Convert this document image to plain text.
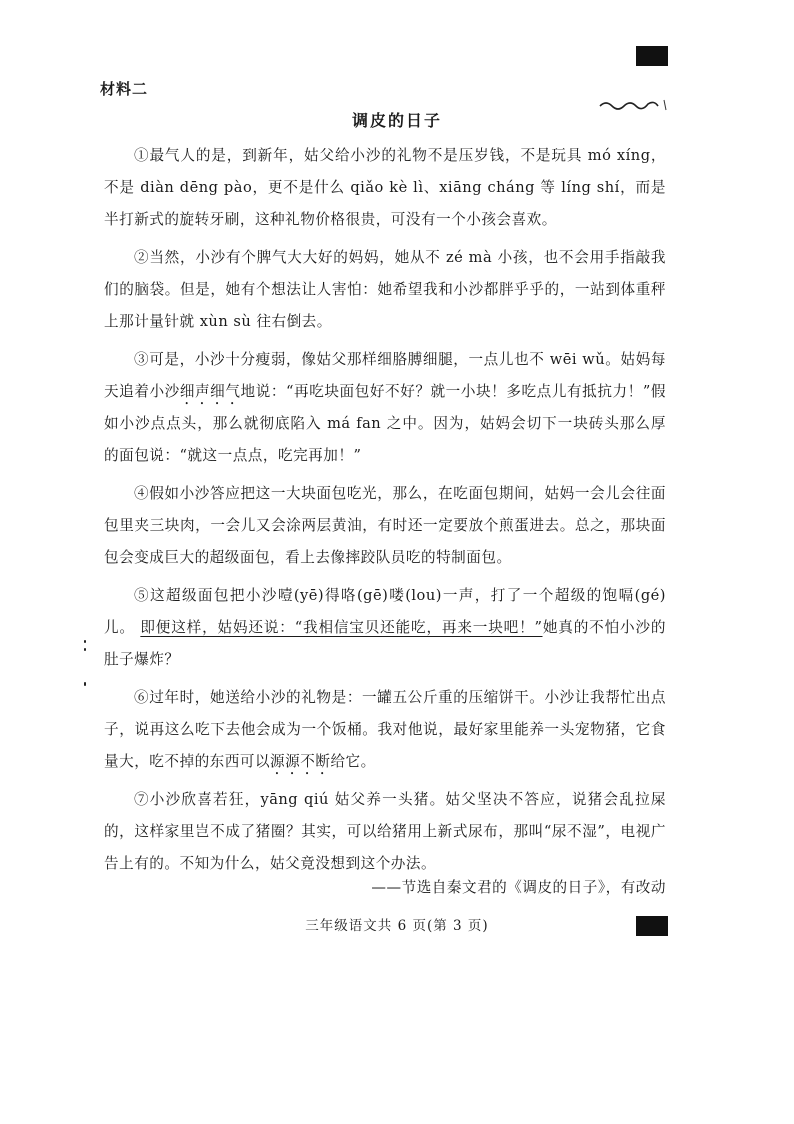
材料二
调皮的日子

①最气人的是，到新年，姑父给小沙的礼物不是压岁钱，不是玩具 mó xíng，不是 diàn dēng pào，更不是什么 qiǎo kè lì、xiāng cháng 等 líng shí，而是半打新式的旋转牙刷，这种礼物价格很贵，可没有一个小孩会喜欢。

②当然，小沙有个脾气大大好的妈妈，她从不 zé mà 小孩，也不会用手指敲我们的脑袋。但是，她有个想法让人害怕：她希望我和小沙都胖乎乎的，一站到体重秤上那计量针就 xùn sù 往右倒去。

③可是，小沙十分瘦弱，像姑父那样细胳膊细腿，一点儿也不 wēi wǔ。姑妈每天追着小沙细声细气地说：“再吃块面包好不好？就一小块！多吃点儿有抵抗力！”假如小沙点点头，那么就彻底陷入 má fan 之中。因为，姑妈会切下一块砖头那么厚的面包说：“就这一点点，吃完再加！”

④假如小沙答应把这一大块面包吃光，那么，在吃面包期间，姑妈一会儿会往面包里夹三块肉，一会儿又会涂两层黄油，有时还一定要放个煎蛋进去。总之，那块面包会变成巨大的超级面包，看上去像摔跤队员吃的特制面包。

⑤这超级面包把小沙噎(yē)得咯(gē)喽(lou)一声，打了一个超级的饱嗝(gé)儿。 即便这样，姑妈还说：“我相信宝贝还能吃，再来一块吧！”她真的不怕小沙的肚子爆炸？

⑥过年时，她送给小沙的礼物是：一罐五公斤重的压缩饼干。小沙让我帮忙出点子，说再这么吃下去他会成为一个饭桶。我对他说，最好家里能养一头宠物猪，它食量大，吃不掉的东西可以源源不断给它。

⑦小沙欣喜若狂，yāng qiú 姑父养一头猪。姑父坚决不答应，说猪会乱拉屎的，这样家里岂不成了猪圈？其实，可以给猪用上新式尿布，那叫“尿不湿”，电视广告上有的。不知为什么，姑父竟没想到这个办法。

——节选自秦文君的《调皮的日子》，有改动
三年级语文共 6 页(第 3 页)
